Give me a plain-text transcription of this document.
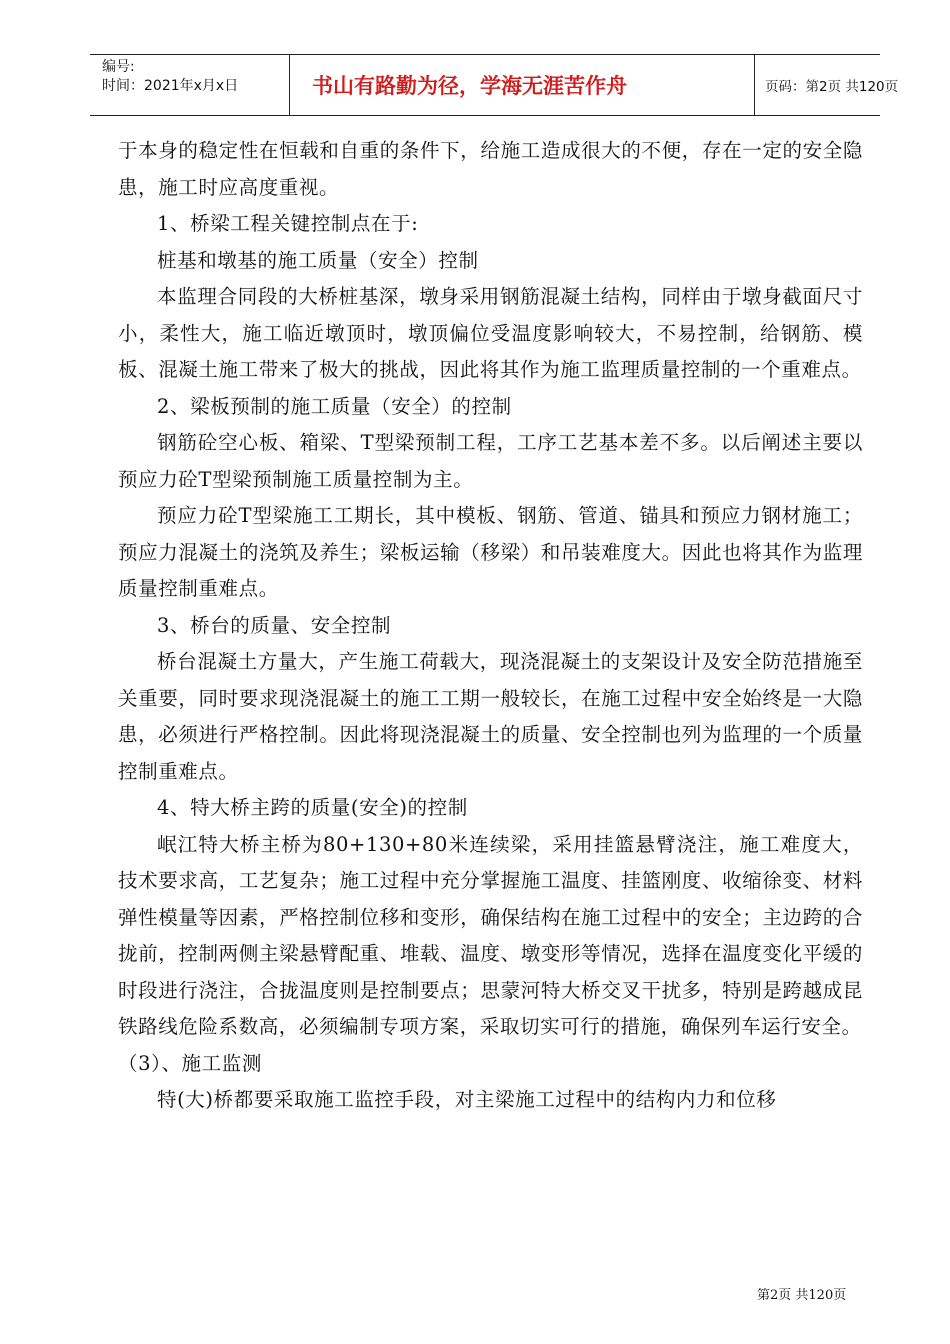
编号:
时间：2021年x月x日	书山有路勤为径，学海无涯苦作舟	页码：第2页 共120页

于本身的稳定性在恒载和自重的条件下，给施工造成很大的不便，存在一定的安全隐患，施工时应高度重视。

1、桥梁工程关键控制点在于:

桩基和墩基的施工质量（安全）控制

本监理合同段的大桥桩基深，墩身采用钢筋混凝土结构，同样由于墩身截面尺寸小，柔性大，施工临近墩顶时，墩顶偏位受温度影响较大，不易控制，给钢筋、模板、混凝土施工带来了极大的挑战，因此将其作为施工监理质量控制的一个重难点。

2、梁板预制的施工质量（安全）的控制

钢筋砼空心板、箱梁、T型梁预制工程，工序工艺基本差不多。以后阐述主要以预应力砼T型梁预制施工质量控制为主。

预应力砼T型梁施工工期长，其中模板、钢筋、管道、锚具和预应力钢材施工；预应力混凝土的浇筑及养生；梁板运输（移梁）和吊装难度大。因此也将其作为监理质量控制重难点。

3、桥台的质量、安全控制

桥台混凝土方量大，产生施工荷载大，现浇混凝土的支架设计及安全防范措施至关重要，同时要求现浇混凝土的施工工期一般较长，在施工过程中安全始终是一大隐患，必须进行严格控制。因此将现浇混凝土的质量、安全控制也列为监理的一个质量控制重难点。

4、特大桥主跨的质量(安全)的控制

岷江特大桥主桥为80+130+80米连续梁，采用挂篮悬臂浇注，施工难度大，技术要求高，工艺复杂；施工过程中充分掌握施工温度、挂篮刚度、收缩徐变、材料弹性模量等因素，严格控制位移和变形，确保结构在施工过程中的安全；主边跨的合拢前，控制两侧主梁悬臂配重、堆载、温度、墩变形等情况，选择在温度变化平缓的时段进行浇注，合拢温度则是控制要点；思蒙河特大桥交叉干扰多，特别是跨越成昆铁路线危险系数高，必须编制专项方案，采取切实可行的措施，确保列车运行安全。

（3）、施工监测

特(大)桥都要采取施工监控手段，对主梁施工过程中的结构内力和位移

第2页 共120页
